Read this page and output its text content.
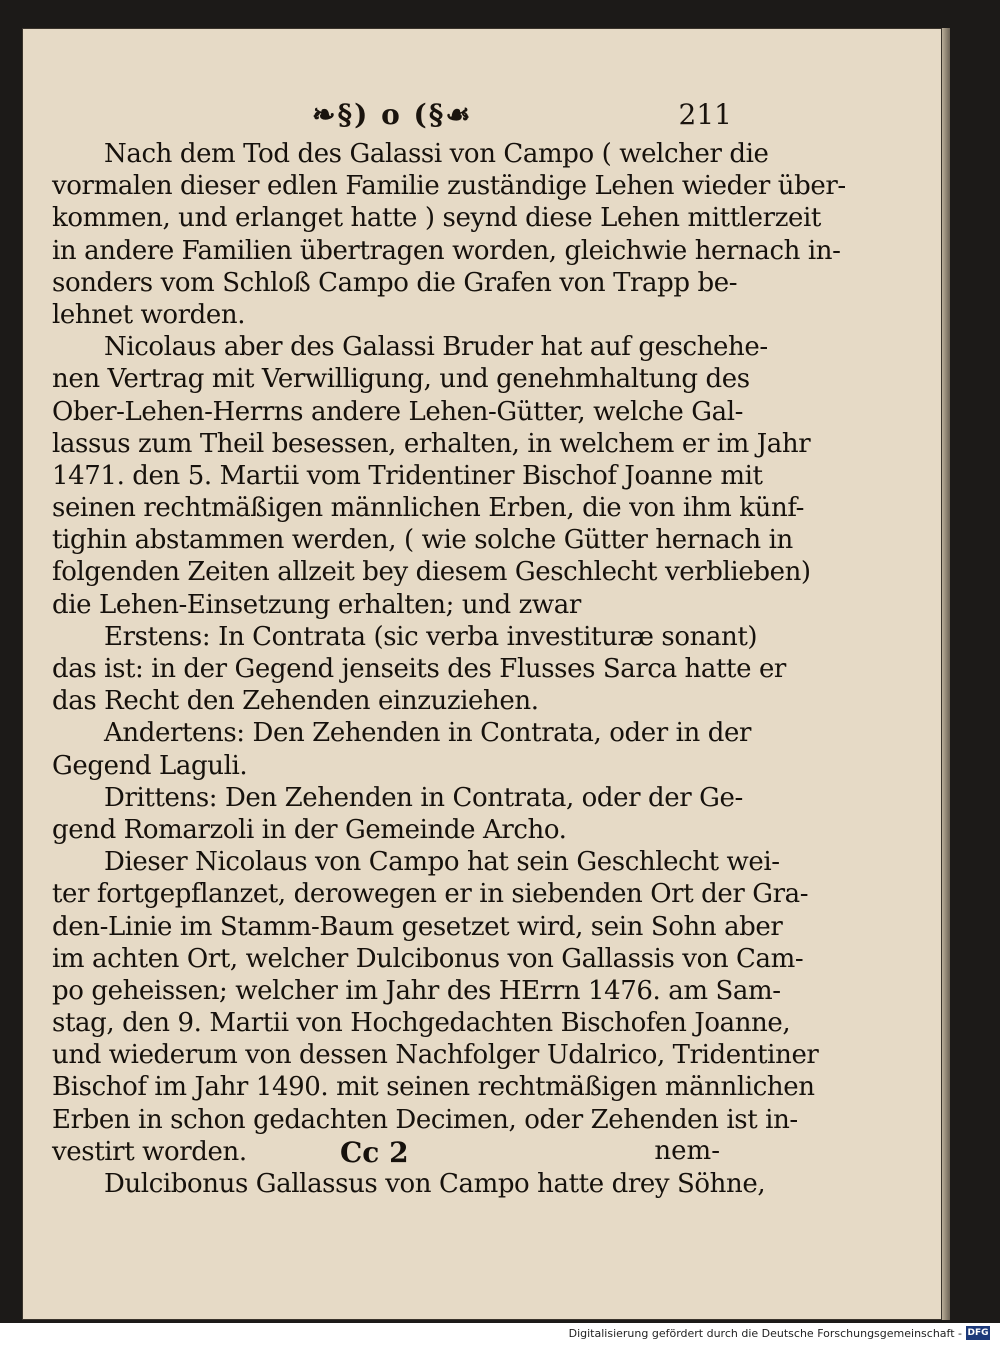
❧§) o (§☙	211
Nach dem Tod des Galassi von Campo ( welcher die
vormalen dieser edlen Familie zuständige Lehen wieder über-
kommen, und erlanget hatte ) seynd diese Lehen mittlerzeit
in andere Familien übertragen worden, gleichwie hernach in-
sonders vom Schloß Campo die Grafen von Trapp be-
lehnet worden.
Nicolaus aber des Galassi Bruder hat auf geschehe-
nen Vertrag mit Verwilligung, und genehmhaltung des
Ober-Lehen-Herrns andere Lehen-Gütter, welche Gal-
lassus zum Theil besessen, erhalten, in welchem er im Jahr
1471. den 5. Martii vom Tridentiner Bischof Joanne mit
seinen rechtmäßigen männlichen Erben, die von ihm künf-
tighin abstammen werden, ( wie solche Gütter hernach in
folgenden Zeiten allzeit bey diesem Geschlecht verblieben)
die Lehen-Einsetzung erhalten; und zwar
Erstens: In Contrata (sic verba investituræ sonant)
das ist: in der Gegend jenseits des Flusses Sarca hatte er
das Recht den Zehenden einzuziehen.
Andertens: Den Zehenden in Contrata, oder in der
Gegend Laguli.
Drittens: Den Zehenden in Contrata, oder der Ge-
gend Romarzoli in der Gemeinde Archo.
Dieser Nicolaus von Campo hat sein Geschlecht wei-
ter fortgepflanzet, derowegen er in siebenden Ort der Gra-
den-Linie im Stamm-Baum gesetzet wird, sein Sohn aber
im achten Ort, welcher Dulcibonus von Gallassis von Cam-
po geheissen; welcher im Jahr des HErrn 1476. am Sam-
stag, den 9. Martii von Hochgedachten Bischofen Joanne,
und wiederum von dessen Nachfolger Udalrico, Tridentiner
Bischof im Jahr 1490. mit seinen rechtmäßigen männlichen
Erben in schon gedachten Decimen, oder Zehenden ist in-
vestirt worden.
Dulcibonus Gallassus von Campo hatte drey Söhne,
Cc 2	nem-
Digitalisierung gefördert durch die Deutsche Forschungsgemeinschaft - DFG
